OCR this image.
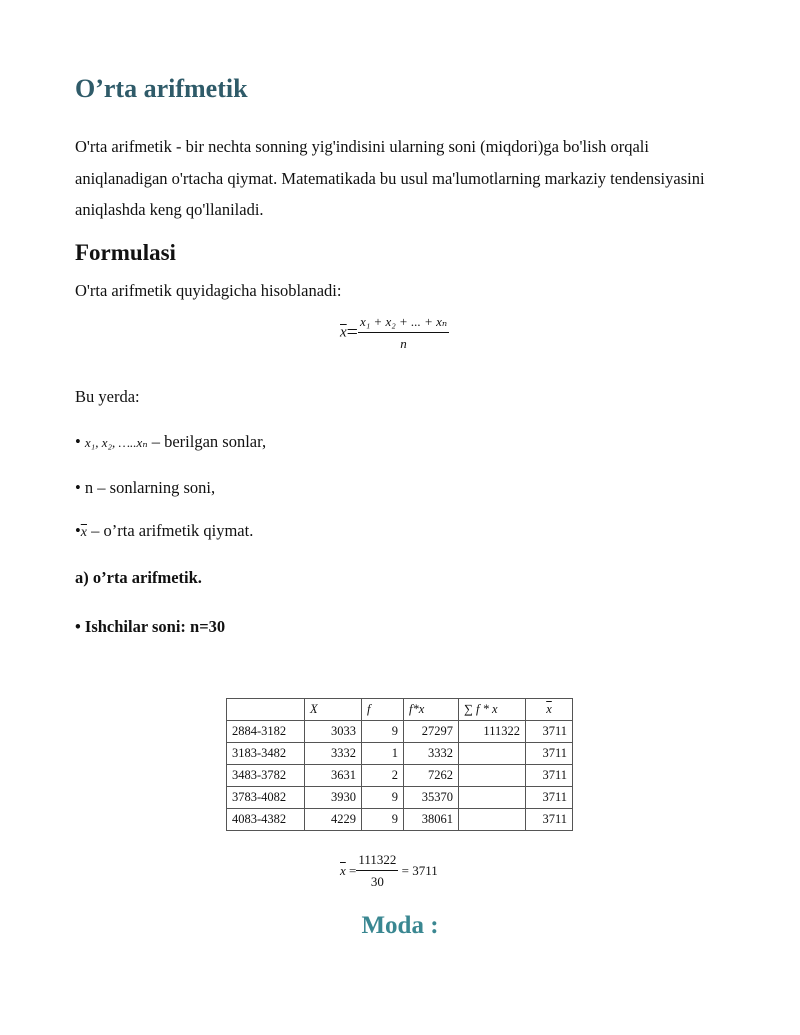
O’rta arifmetik
O'rta arifmetik - bir nechta sonning yig'indisini ularning soni (miqdori)ga bo'lish orqali aniqlanadigan o'rtacha qiymat. Matematikada bu usul ma'lumotlarning markaziy tendensiyasini aniqlashda keng qo'llaniladi.
Formulasi
O'rta arifmetik quyidagicha hisoblanadi:
$\overline{x}= \frac{\text{x₁ + x₂ + ... + xₙ}}{n}$
Bu yerda:
• x₁, x₂, …..xₙ – berilgan sonlar,
• n – sonlarning soni,
$•\overline{x}$ – o’rta arifmetik qiymat.
a) o’rta arifmetik.
• Ishchilar soni: n=30
	X	f	f*x	∑ f * x	$\overline{x}$
2884-3182	3033	9	27297	111322	3711
3183-3482	3332	1	3332		3711
3483-3782	3631	2	7262		3711
3783-4082	3930	9	35370		3711
4083-4382	4229	9	38061		3711
$\overline{x} = \frac{111322}{30} = 3711$
Moda :
